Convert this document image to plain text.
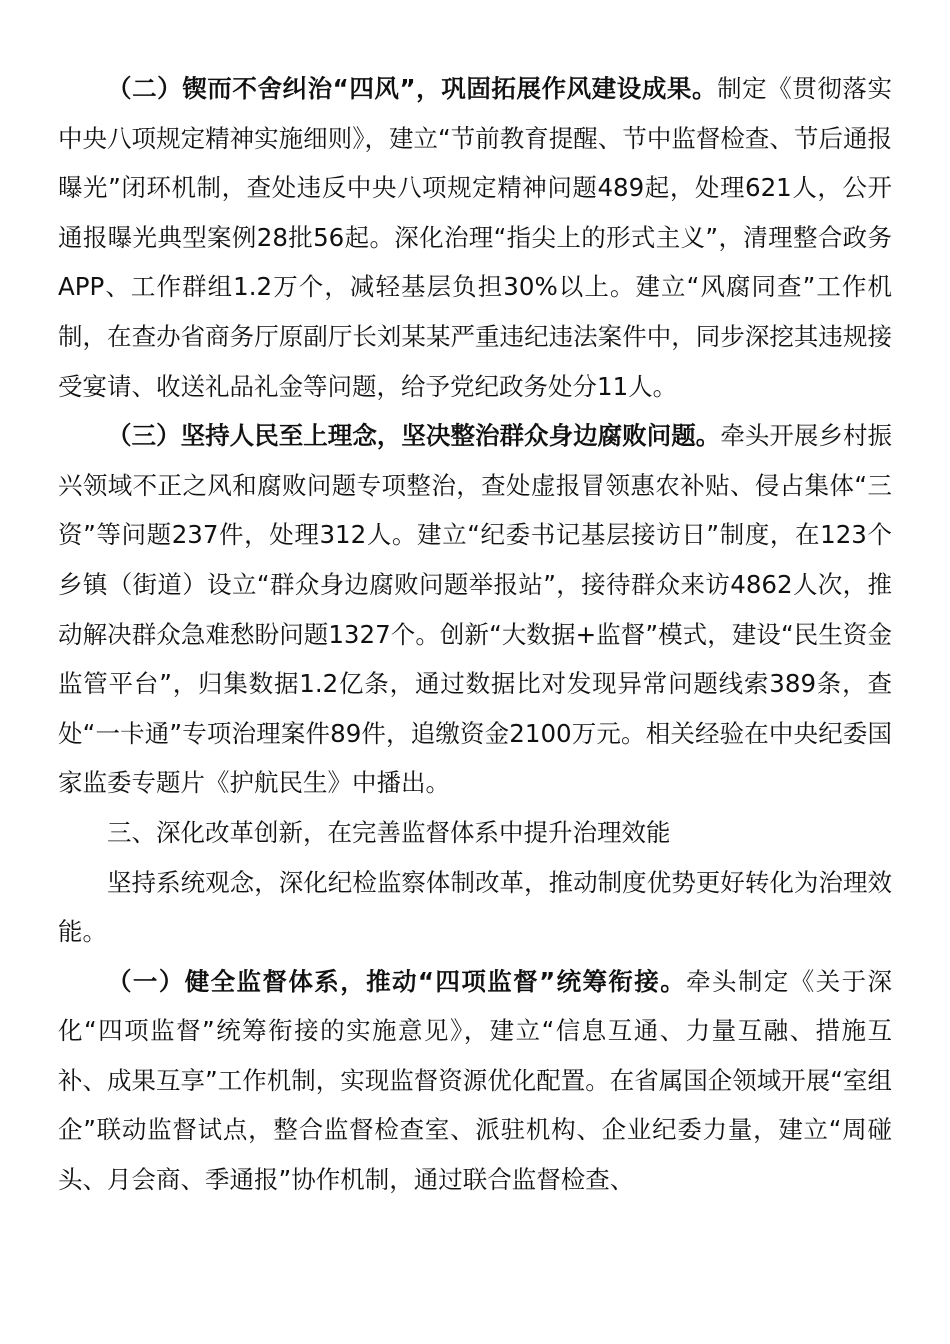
（二）锲而不舍纠治“四风”，巩固拓展作风建设成果。制定《贯彻落实中央八项规定精神实施细则》，建立“节前教育提醒、节中监督检查、节后通报曝光”闭环机制，查处违反中央八项规定精神问题489起，处理621人，公开通报曝光典型案例28批56起。深化治理“指尖上的形式主义”，清理整合政务APP、工作群组1.2万个，减轻基层负担30%以上。建立“风腐同查”工作机制，在查办省商务厅原副厅长刘某某严重违纪违法案件中，同步深挖其违规接受宴请、收送礼品礼金等问题，给予党纪政务处分11人。

（三）坚持人民至上理念，坚决整治群众身边腐败问题。牵头开展乡村振兴领域不正之风和腐败问题专项整治，查处虚报冒领惠农补贴、侵占集体“三资”等问题237件，处理312人。建立“纪委书记基层接访日”制度，在123个乡镇（街道）设立“群众身边腐败问题举报站”，接待群众来访4862人次，推动解决群众急难愁盼问题1327个。创新“大数据+监督”模式，建设“民生资金监管平台”，归集数据1.2亿条，通过数据比对发现异常问题线索389条，查处“一卡通”专项治理案件89件，追缴资金2100万元。相关经验在中央纪委国家监委专题片《护航民生》中播出。

三、深化改革创新，在完善监督体系中提升治理效能

坚持系统观念，深化纪检监察体制改革，推动制度优势更好转化为治理效能。

（一）健全监督体系，推动“四项监督”统筹衔接。牵头制定《关于深化“四项监督”统筹衔接的实施意见》，建立“信息互通、力量互融、措施互补、成果互享”工作机制，实现监督资源优化配置。在省属国企领域开展“室组企”联动监督试点，整合监督检查室、派驻机构、企业纪委力量，建立“周碰头、月会商、季通报”协作机制，通过联合监督检查、
